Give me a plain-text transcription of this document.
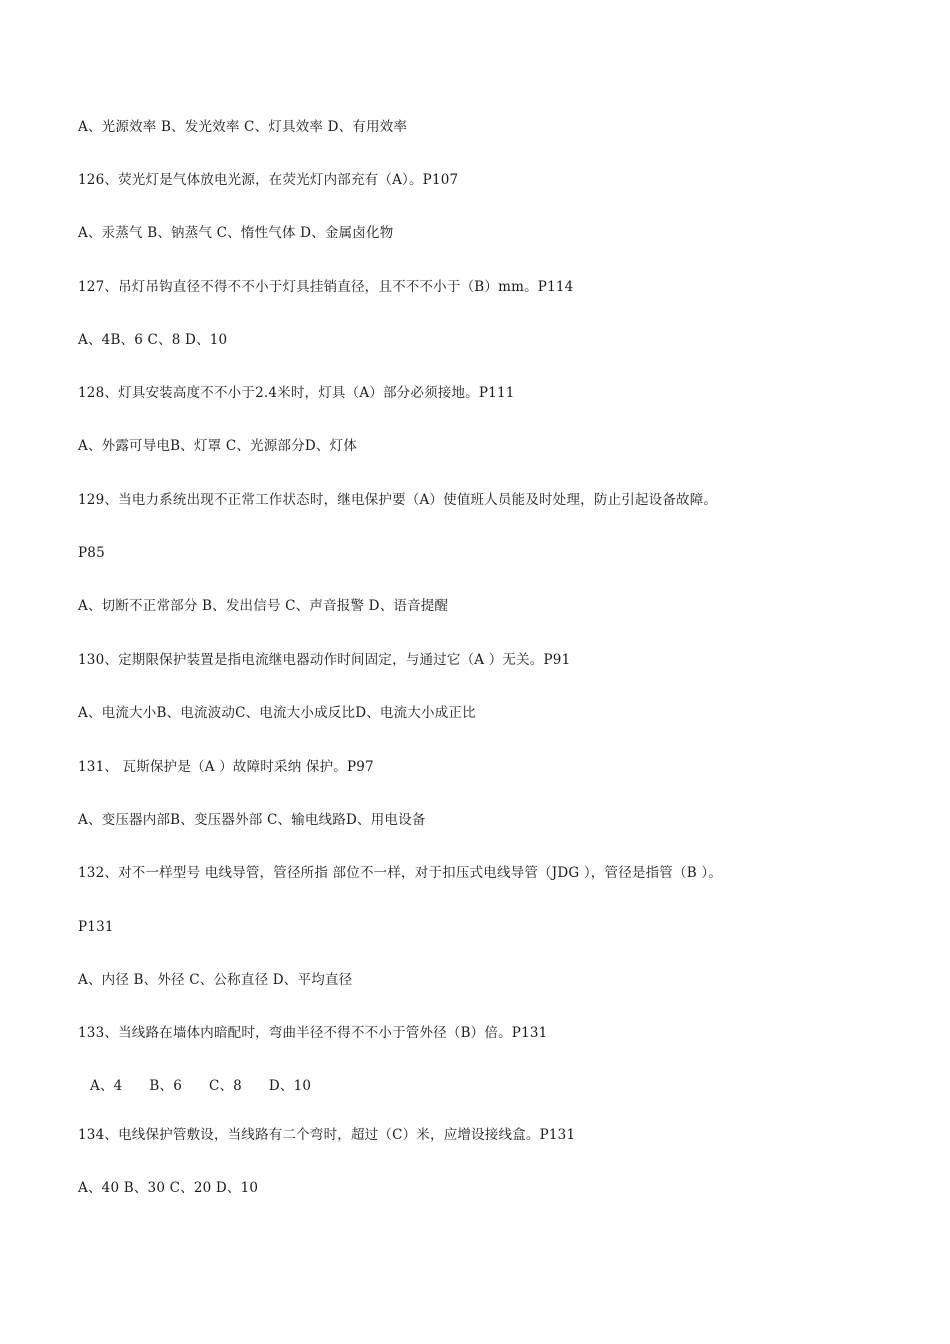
A、光源效率 B、发光效率 C、灯具效率 D、有用效率
126、荧光灯是气体放电光源，在荧光灯内部充有（A）。P107
A、汞蒸气 B、钠蒸气 C、惰性气体 D、金属卤化物
127、吊灯吊钩直径不得不不小于灯具挂销直径，且不不不小于（B）mm。P114
A、4B、6 C、8 D、10
128、灯具安装高度不不小于2.4米时，灯具（A）部分必须接地。P111
A、外露可导电B、灯罩 C、光源部分D、灯体
129、当电力系统出现不正常工作状态时，继电保护要（A）使值班人员能及时处理，防止引起设备故障。
P85
A、切断不正常部分 B、发出信号 C、声音报警 D、语音提醒
130、定期限保护装置是指电流继电器动作时间固定，与通过它（A ）无关。P91
A、电流大小B、电流波动C、电流大小成反比D、电流大小成正比
131、 瓦斯保护是（A ）故障时采纳 保护。P97
A、变压器内部B、变压器外部 C、输电线路D、用电设备
132、对不一样型号 电线导管，管径所指 部位不一样，对于扣压式电线导管（JDG ），管径是指管（B ）。
P131
A、内径 B、外径 C、公称直径 D、平均直径
133、当线路在墙体内暗配时，弯曲半径不得不不小于管外径（B）倍。P131
A、4      B、6      C、8      D、10
134、电线保护管敷设，当线路有二个弯时，超过（C）米，应增设接线盒。P131
A、40 B、30 C、20 D、10
